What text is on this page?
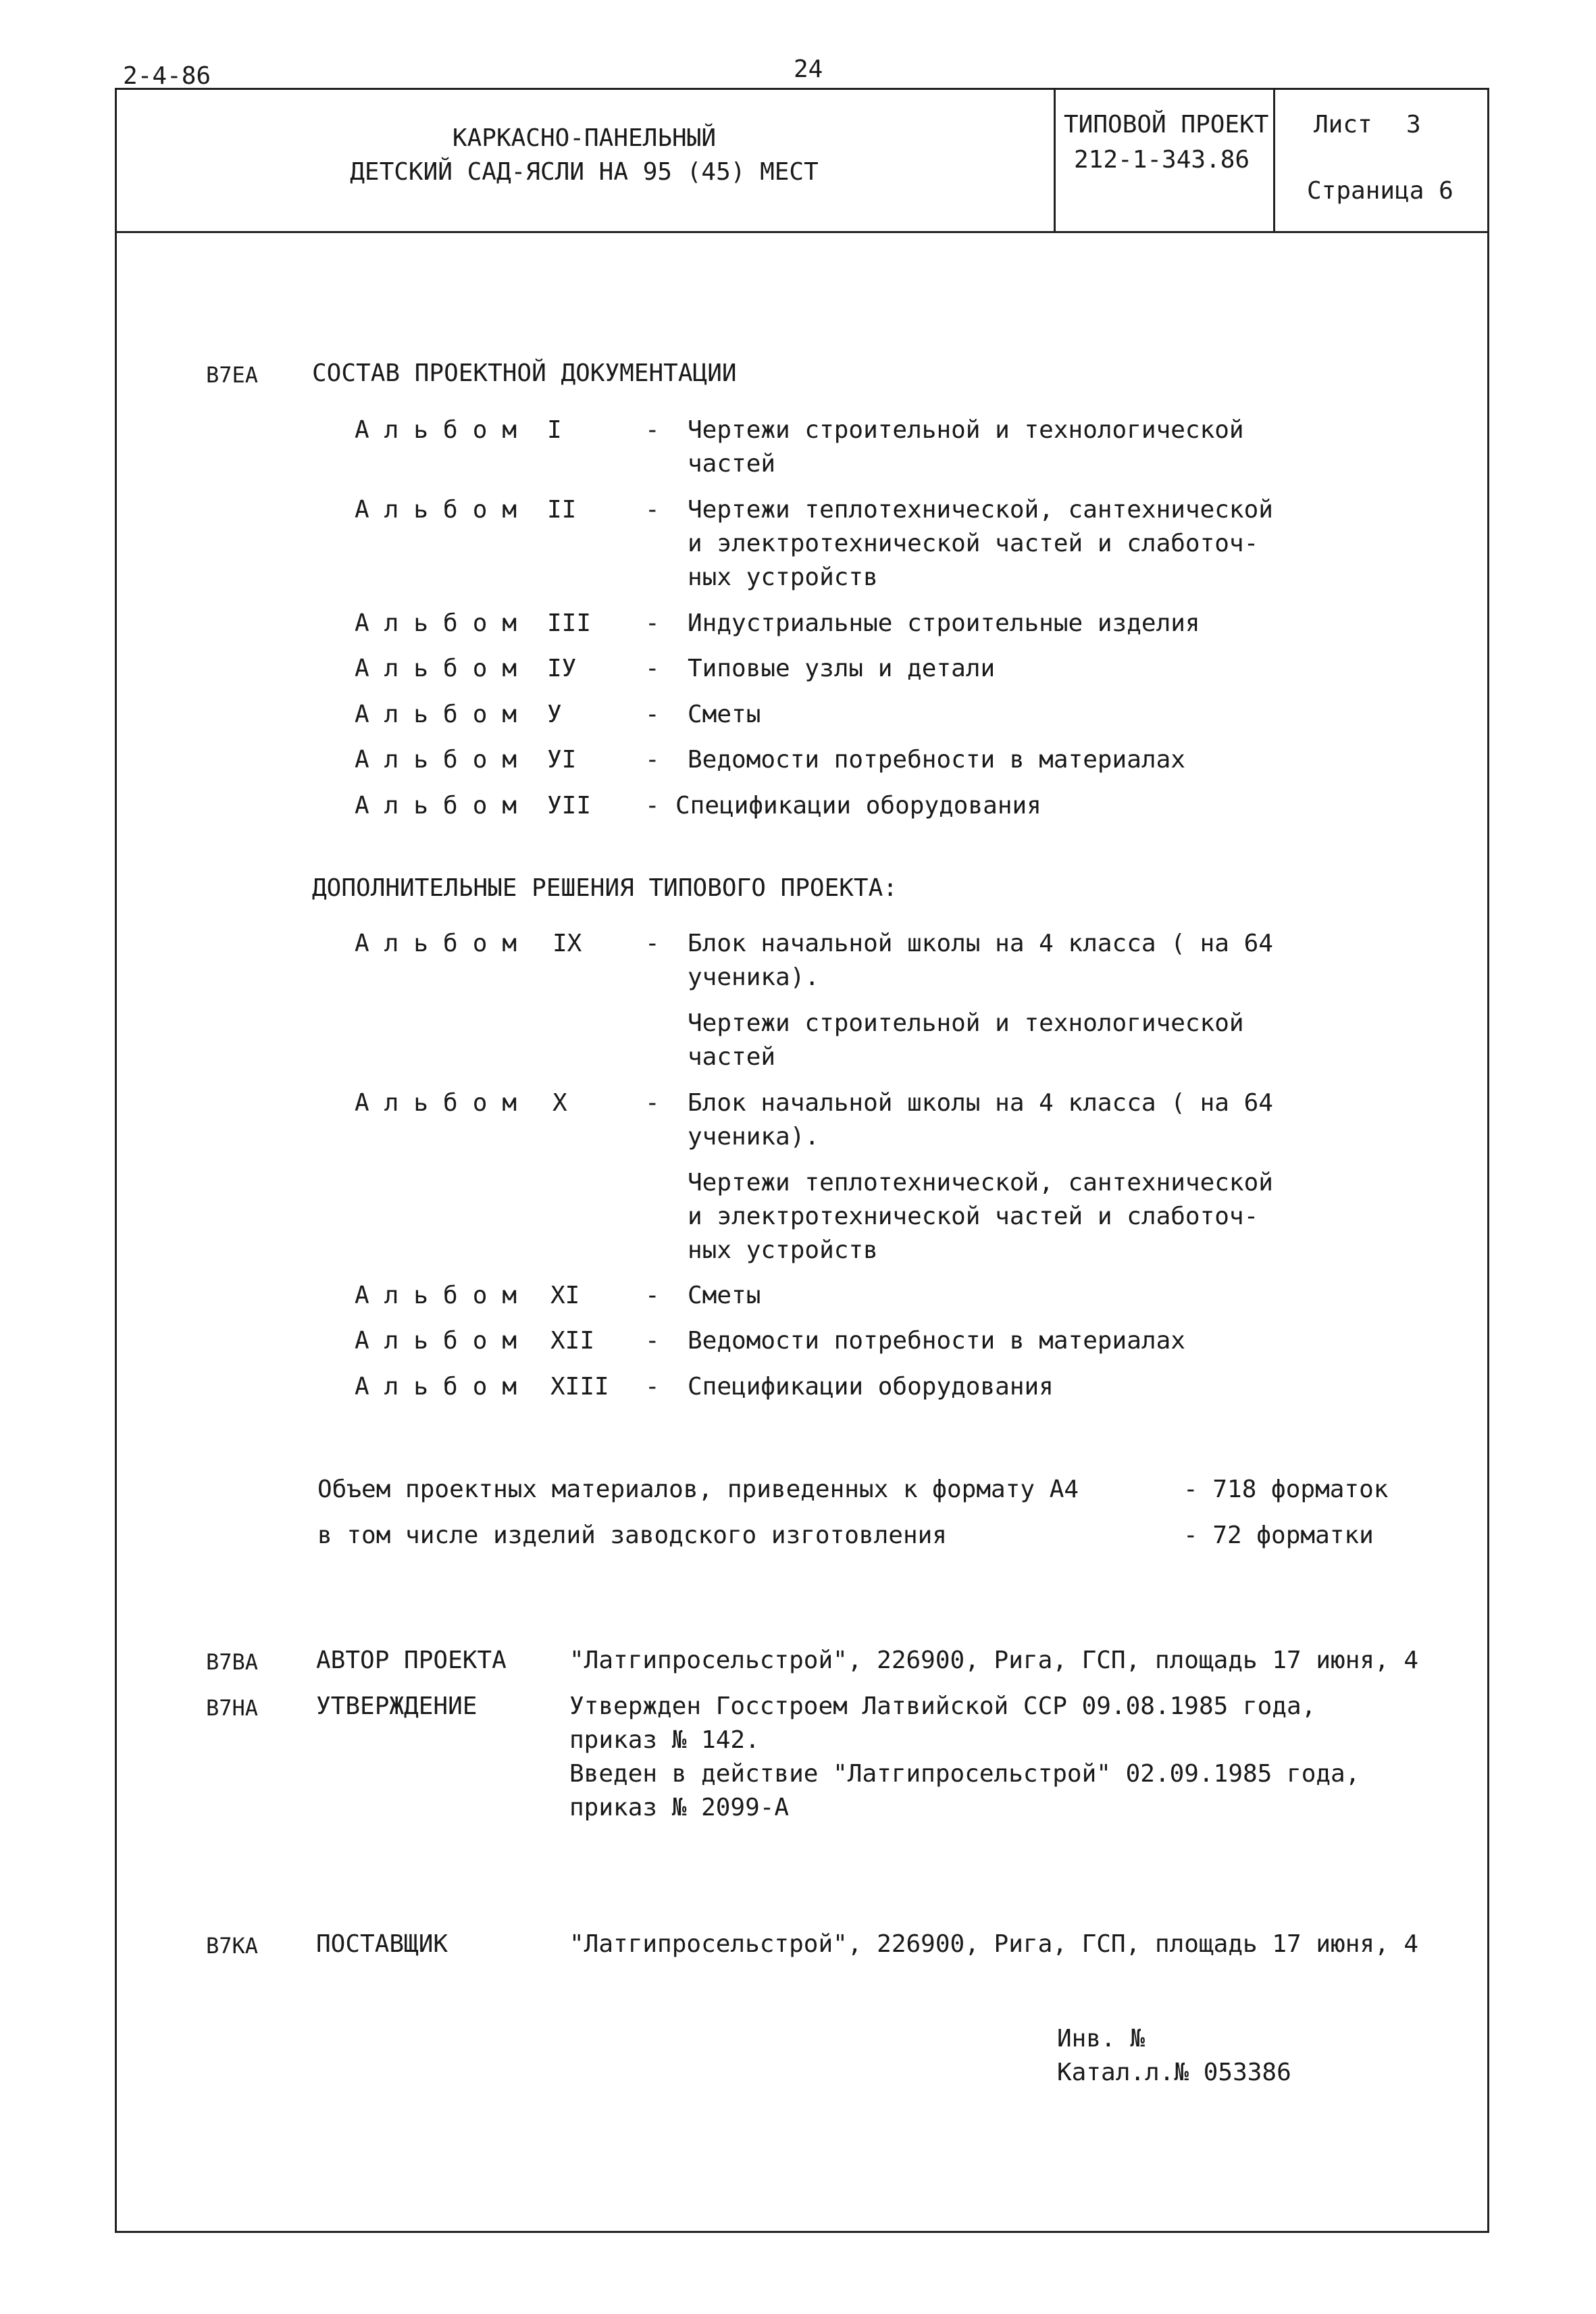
2-4-86	24
КАРКАСНО-ПАНЕЛЬНЫЙ
ДЕТСКИЙ САД-ЯСЛИ НА 95 (45) МЕСТ
ТИПОВОЙ ПРОЕКТ
212-1-343.86
Лист 3
Страница 6
В7ЕА СОСТАВ ПРОЕКТНОЙ ДОКУМЕНТАЦИИ
Альбом I	- Чертежи строительной и технологической
частей
Альбом II	- Чертежи теплотехнической, сантехнической
и электротехнической частей и слаботоч-
ных устройств
Альбом III - Индустриальные строительные изделия
Альбом IУ	- Типовые узлы и детали
Альбом У	- Сметы
Альбом УI	- Ведомости потребности в материалах
Альбом УII - Спецификации оборудования
ДОПОЛНИТЕЛЬНЫЕ РЕШЕНИЯ ТИПОВОГО ПРОЕКТА:
Альбом IX	- Блок начальной школы на 4 класса ( на 64
ученика).
Чертежи строительной и технологической
частей
Альбом X	- Блок начальной школы на 4 класса ( на 64
ученика).
Чертежи теплотехнической, сантехнической
и электротехнической частей и слаботоч-
ных устройств
Альбом XI	- Сметы
Альбом XII - Ведомости потребности в материалах
Альбом XIII - Спецификации оборудования
Объем проектных материалов, приведенных к формату А4	- 718 форматок
в том числе изделий заводского изготовления	- 72 форматки
В7ВА АВТОР ПРОЕКТА	"Латгипросельстрой", 226900, Рига, ГСП, площадь 17 июня, 4
В7НА УТВЕРЖДЕНИЕ	Утвержден Госстроем Латвийской ССР 09.08.1985 года,
приказ № 142.
Введен в действие "Латгипросельстрой" 02.09.1985 года,
приказ № 2099-А
В7КА ПОСТАВЩИК	"Латгипросельстрой", 226900, Рига, ГСП, площадь 17 июня, 4
Инв. №
Катал.л.№ 053386
